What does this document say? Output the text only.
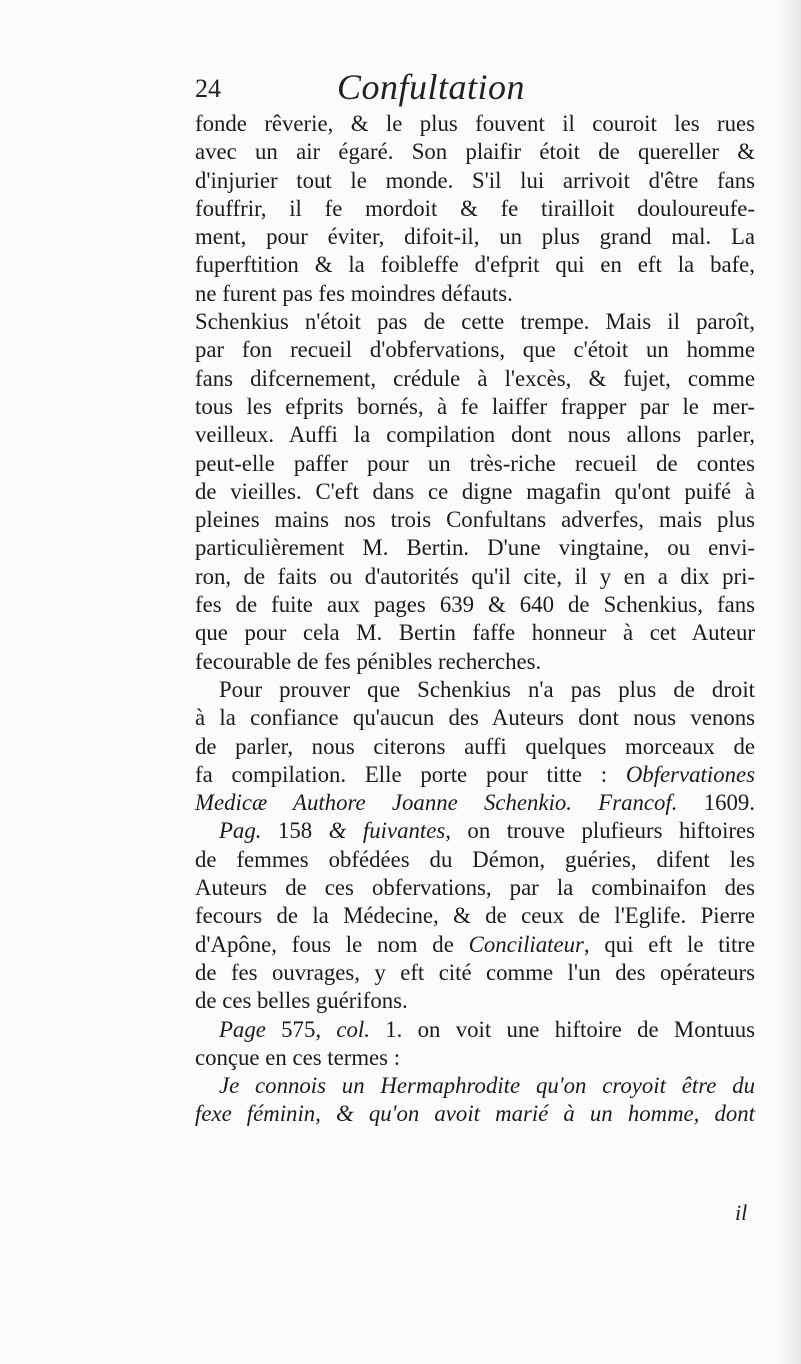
24	Confultation
fonde rêverie, & le plus fouvent il couroit les rues
avec un air égaré. Son plaifir étoit de quereller &
d'injurier tout le monde. S'il lui arrivoit d'être fans
fouffrir, il fe mordoit & fe tirailloit douloureufe-
ment, pour éviter, difoit-il, un plus grand mal. La
fuperftition & la foibleffe d'efprit qui en eft la bafe,
ne furent pas fes moindres défauts.
Schenkius n'étoit pas de cette trempe. Mais il paroît,
par fon recueil d'obfervations, que c'étoit un homme
fans difcernement, crédule à l'excès, & fujet, comme
tous les efprits bornés, à fe laiffer frapper par le mer-
veilleux. Auffi la compilation dont nous allons parler,
peut-elle paffer pour un très-riche recueil de contes
de vieilles. C'eft dans ce digne magafin qu'ont puifé à
pleines mains nos trois Confultans adverfes, mais plus
particulièrement M. Bertin. D'une vingtaine, ou envi-
ron, de faits ou d'autorités qu'il cite, il y en a dix pri-
fes de fuite aux pages 639 & 640 de Schenkius, fans
que pour cela M. Bertin faffe honneur à cet Auteur
fecourable de fes pénibles recherches.
Pour prouver que Schenkius n'a pas plus de droit
à la confiance qu'aucun des Auteurs dont nous venons
de parler, nous citerons auffi quelques morceaux de
fa compilation. Elle porte pour titte : Obfervationes
Medicæ Authore Joanne Schenkio. Francof. 1609.
Pag. 158 & fuivantes, on trouve plufieurs hiftoires
de femmes obfédées du Démon, guéries, difent les
Auteurs de ces obfervations, par la combinaifon des
fecours de la Médecine, & de ceux de l'Eglife. Pierre
d'Apône, fous le nom de Conciliateur, qui eft le titre
de fes ouvrages, y eft cité comme l'un des opérateurs
de ces belles guérifons.
Page 575, col. 1. on voit une hiftoire de Montuus
conçue en ces termes :
Je connois un Hermaphrodite qu'on croyoit être du
fexe féminin, & qu'on avoit marié à un homme, dont
il
